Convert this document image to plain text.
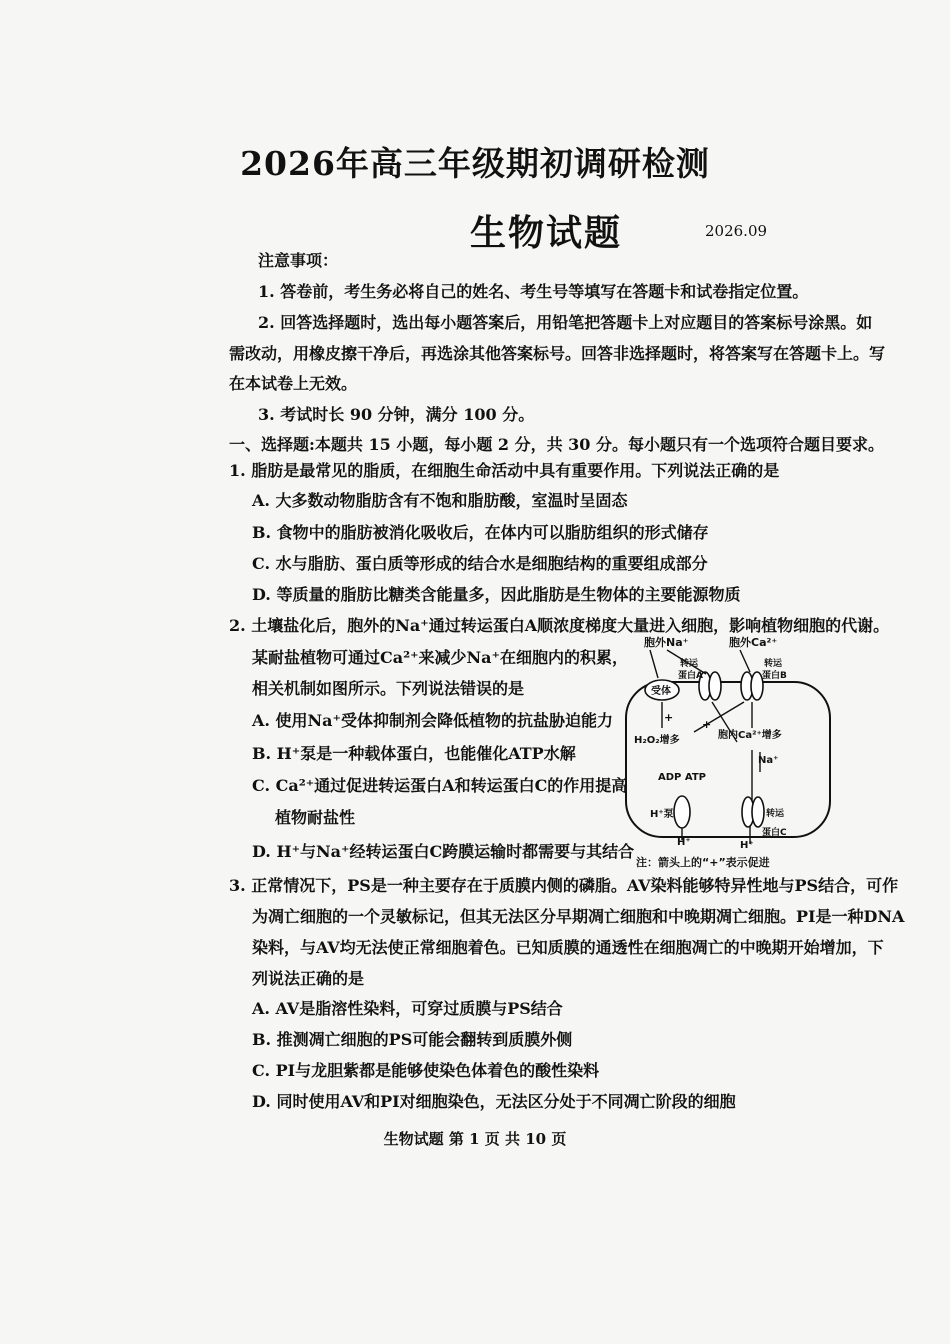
2026年高三年级期初调研检测
生物试题	2026.09
注意事项：
1. 答卷前，考生务必将自己的姓名、考生号等填写在答题卡和试卷指定位置。
2. 回答选择题时，选出每小题答案后，用铅笔把答题卡上对应题目的答案标号涂黑。如
需改动，用橡皮擦干净后，再选涂其他答案标号。回答非选择题时，将答案写在答题卡上。写
在本试卷上无效。
3. 考试时长 90 分钟，满分 100 分。
一、选择题:本题共 15 小题，每小题 2 分，共 30 分。每小题只有一个选项符合题目要求。
1. 脂肪是最常见的脂质，在细胞生命活动中具有重要作用。下列说法正确的是
A. 大多数动物脂肪含有不饱和脂肪酸，室温时呈固态
B. 食物中的脂肪被消化吸收后，在体内可以脂肪组织的形式储存
C. 水与脂肪、蛋白质等形成的结合水是细胞结构的重要组成部分
D. 等质量的脂肪比糖类含能量多，因此脂肪是生物体的主要能源物质
2. 土壤盐化后，胞外的Na⁺通过转运蛋白A顺浓度梯度大量进入细胞，影响植物细胞的代谢。
某耐盐植物可通过Ca²⁺来减少Na⁺在细胞内的积累，
相关机制如图所示。下列说法错误的是
A. 使用Na⁺受体抑制剂会降低植物的抗盐胁迫能力
B. H⁺泵是一种载体蛋白，也能催化ATP水解
C. Ca²⁺通过促进转运蛋白A和转运蛋白C的作用提高
植物耐盐性
D. H⁺与Na⁺经转运蛋白C跨膜运输时都需要与其结合
胞外Na⁺	胞外Ca²⁺
转运
蛋白A
转运
蛋白B
受体
+
+
H₂O₂增多	胞内Ca²⁺增多
Na⁺
ADP ATP
H⁺泵
H⁺
转运
蛋白C
H⁺
注：箭头上的“+”表示促进
3. 正常情况下，PS是一种主要存在于质膜内侧的磷脂。AV染料能够特异性地与PS结合，可作
为凋亡细胞的一个灵敏标记，但其无法区分早期凋亡细胞和中晚期凋亡细胞。PI是一种DNA
染料，与AV均无法使正常细胞着色。已知质膜的通透性在细胞凋亡的中晚期开始增加，下
列说法正确的是
A. AV是脂溶性染料，可穿过质膜与PS结合
B. 推测凋亡细胞的PS可能会翻转到质膜外侧
C. PI与龙胆紫都是能够使染色体着色的酸性染料
D. 同时使用AV和PI对细胞染色，无法区分处于不同凋亡阶段的细胞
生物试题 第 1 页 共 10 页
